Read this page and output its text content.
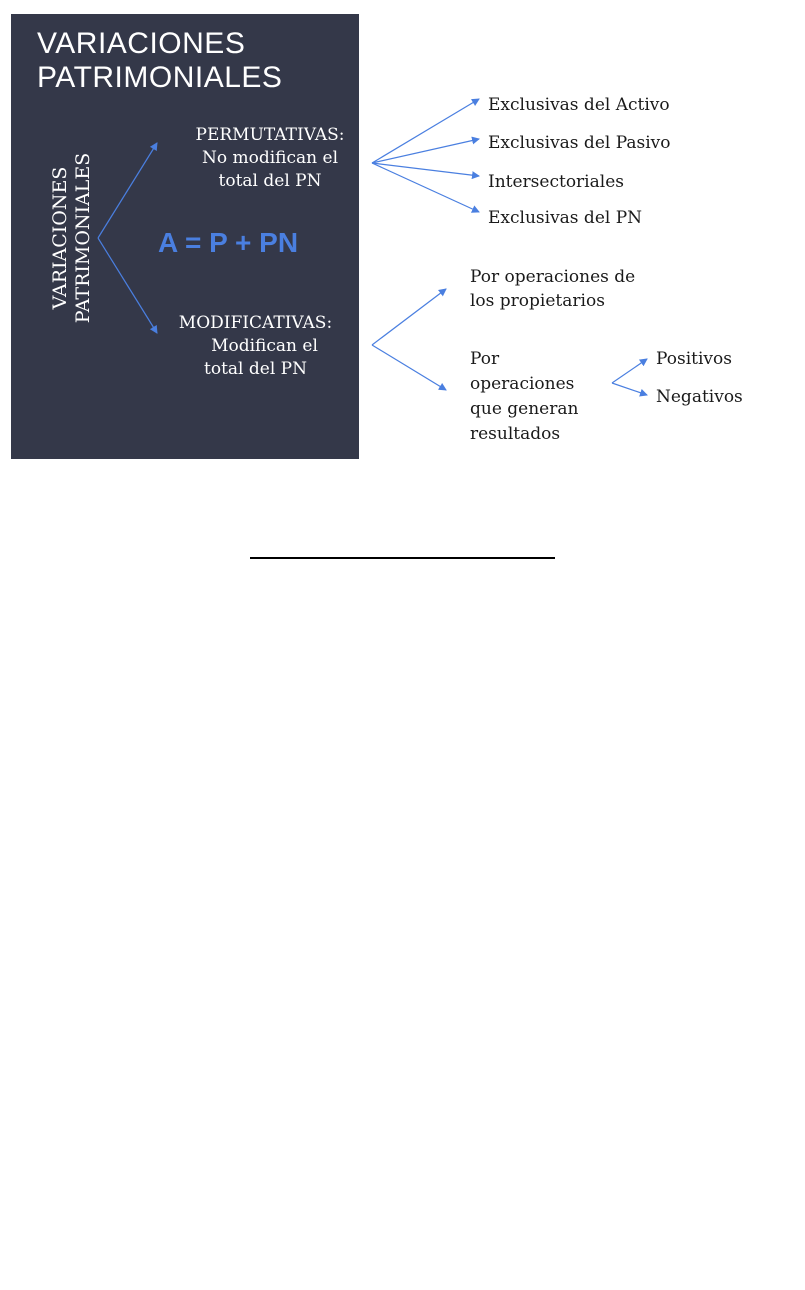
VARIACIONES
PATRIMONIALES
VARIACIONES PATRIMONIALES
PERMUTATIVAS:
No modifican el
total del PN
A = P + PN
MODIFICATIVAS:
Modifican el
total del PN
Exclusivas del Activo
Exclusivas del Pasivo
Intersectoriales
Exclusivas del PN
Por operaciones de
los propietarios
Por
operaciones
que generan
resultados
Positivos
Negativos
